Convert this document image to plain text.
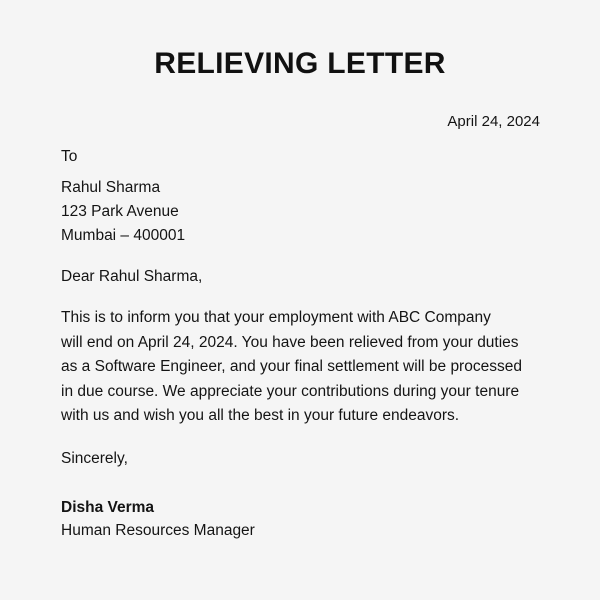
RELIEVING LETTER
April 24, 2024
To
Rahul Sharma
123 Park Avenue
Mumbai – 400001
Dear Rahul Sharma,
This is to inform you that your employment with ABC Company
will end on April 24, 2024. You have been relieved from your duties
as a Software Engineer, and your final settlement will be processed
in due course. We appreciate your contributions during your tenure
with us and wish you all the best in your future endeavors.
Sincerely,
Disha Verma
Human Resources Manager
